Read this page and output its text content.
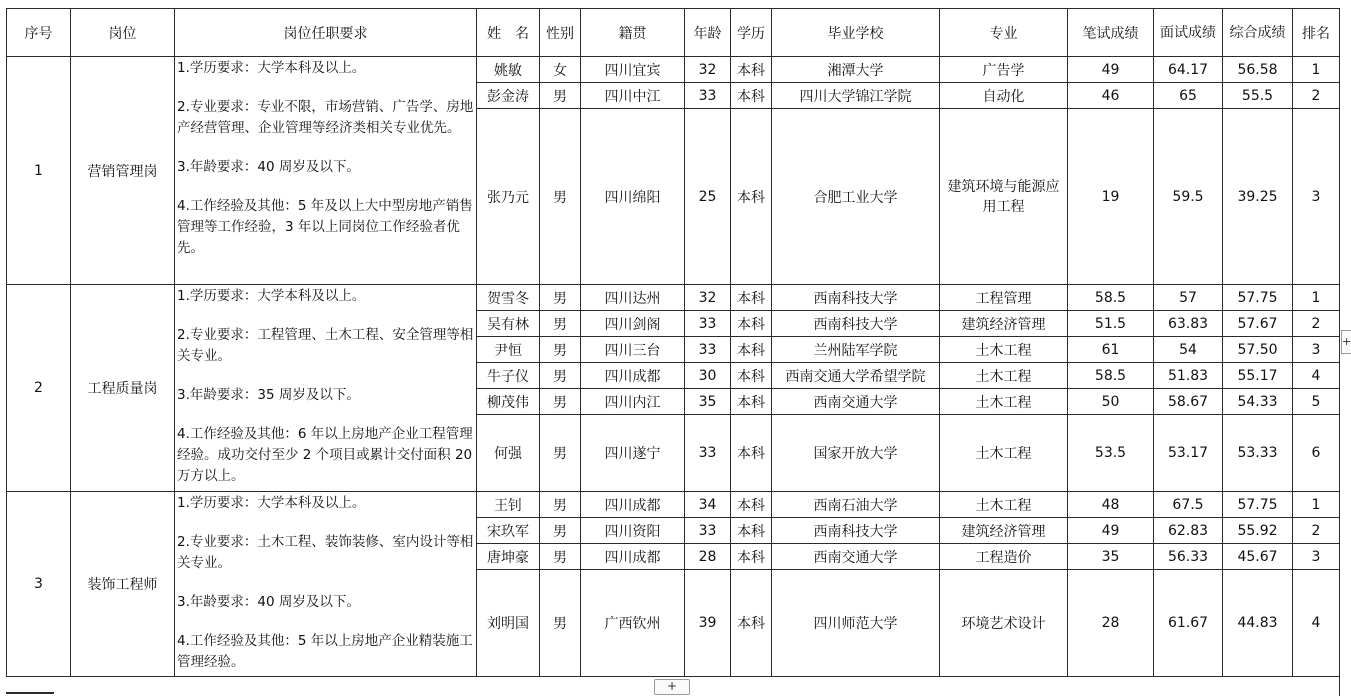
序号	岗位	岗位任职要求	姓　名	性别	籍贯	年龄	学历	毕业学校	专业	笔试成绩	面试成绩	综合成绩	排名
1	营销管理岗	1.学历要求：大学本科及以上。

2.专业要求：专业不限，市场营销、广告学、房地产经营管理、企业管理等经济类相关专业优先。

3.年龄要求：40 周岁及以下。

4.工作经验及其他：5 年及以上大中型房地产销售管理等工作经验，3 年以上同岗位工作经验者优先。	姚敏	女	四川宜宾	32	本科	湘潭大学	广告学	49	64.17	56.58	1
			彭金涛	男	四川中江	33	本科	四川大学锦江学院	自动化	46	65	55.5	2
			张乃元	男	四川绵阳	25	本科	合肥工业大学	建筑环境与能源应用工程	19	59.5	39.25	3
2	工程质量岗	1.学历要求：大学本科及以上。

2.专业要求：工程管理、土木工程、安全管理等相关专业。

3.年龄要求：35 周岁及以下。

4.工作经验及其他：6 年以上房地产企业工程管理经验。成功交付至少 2 个项目或累计交付面积 20 万方以上。	贺雪冬	男	四川达州	32	本科	西南科技大学	工程管理	58.5	57	57.75	1
			吴有林	男	四川剑阁	33	本科	西南科技大学	建筑经济管理	51.5	63.83	57.67	2
			尹恒	男	四川三台	33	本科	兰州陆军学院	土木工程	61	54	57.50	3
			牛子仪	男	四川成都	30	本科	西南交通大学希望学院	土木工程	58.5	51.83	55.17	4
			柳茂伟	男	四川内江	35	本科	西南交通大学	土木工程	50	58.67	54.33	5
			何强	男	四川遂宁	33	本科	国家开放大学	土木工程	53.5	53.17	53.33	6
3	装饰工程师	1.学历要求：大学本科及以上。

2.专业要求：土木工程、装饰装修、室内设计等相关专业。

3.年龄要求：40 周岁及以下。

4.工作经验及其他：5 年以上房地产企业精装施工管理经验。	王钊	男	四川成都	34	本科	西南石油大学	土木工程	48	67.5	57.75	1
			宋玖军	男	四川资阳	33	本科	西南科技大学	建筑经济管理	49	62.83	55.92	2
			唐坤豪	男	四川成都	28	本科	西南交通大学	工程造价	35	56.33	45.67	3
			刘明国	男	广西钦州	39	本科	四川师范大学	环境艺术设计	28	61.67	44.83	4
+
+
